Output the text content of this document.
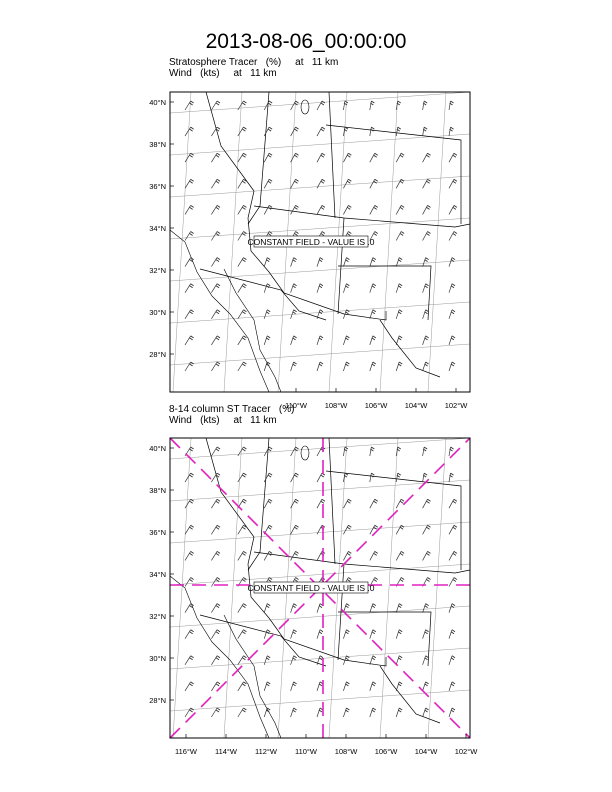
2013-08-06_00:00:00
Stratosphere Tracer   (%)     at   11 km
Wind   (kts)     at   11 km
CONSTANT FIELD - VALUE IS .0
40°N
38°N
36°N
34°N
32°N
30°N
28°N
110°W 108°W 106°W 104°W 102°W
8-14 column ST Tracer   (%)
Wind   (kts)     at   11 km
CONSTANT FIELD - VALUE IS .0
40°N
38°N
36°N
34°N
32°N
30°N
28°N
116°W 114°W 112°W 110°W 108°W 106°W 104°W 102°W
